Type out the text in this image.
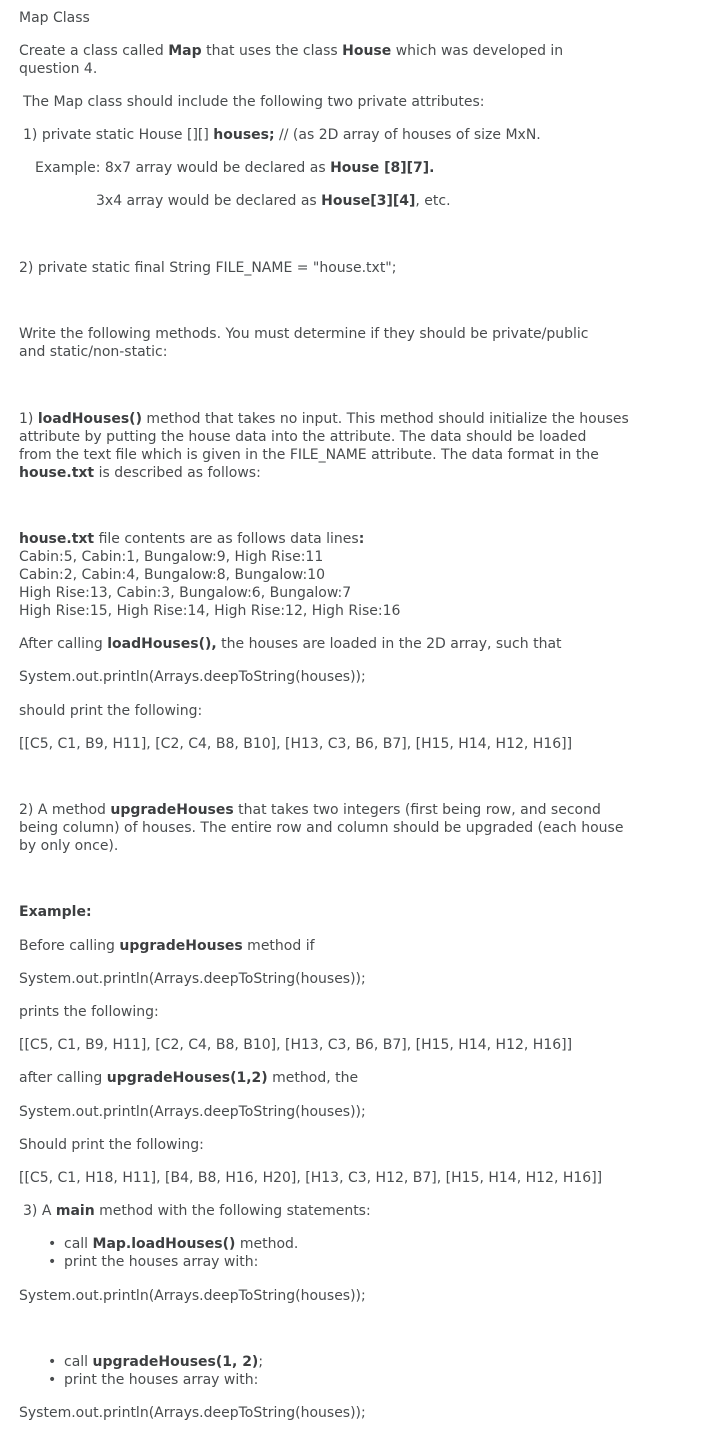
Map Class

Create a class called Map that uses the class House which was developed in

question 4.

The Map class should include the following two private attributes:

1) private static House [][] houses; // (as 2D array of houses of size MxN.

Example: 8x7 array would be declared as House [8][7].

3x4 array would be declared as House[3][4], etc.

2) private static final String FILE_NAME = "house.txt";

Write the following methods. You must determine if they should be private/public

and static/non-static:

1) loadHouses() method that takes no input. This method should initialize the houses

attribute by putting the house data into the attribute. The data should be loaded

from the text file which is given in the FILE_NAME attribute. The data format in the

house.txt is described as follows:

house.txt file contents are as follows data lines:

Cabin:5, Cabin:1, Bungalow:9, High Rise:11

Cabin:2, Cabin:4, Bungalow:8, Bungalow:10

High Rise:13, Cabin:3, Bungalow:6, Bungalow:7

High Rise:15, High Rise:14, High Rise:12, High Rise:16

After calling loadHouses(), the houses are loaded in the 2D array, such that

System.out.println(Arrays.deepToString(houses));

should print the following:

[[C5, C1, B9, H11], [C2, C4, B8, B10], [H13, C3, B6, B7], [H15, H14, H12, H16]]

2) A method upgradeHouses that takes two integers (first being row, and second

being column) of houses. The entire row and column should be upgraded (each house

by only once).

Example:

Before calling upgradeHouses method if

System.out.println(Arrays.deepToString(houses));

prints the following:

[[C5, C1, B9, H11], [C2, C4, B8, B10], [H13, C3, B6, B7], [H15, H14, H12, H16]]

after calling upgradeHouses(1,2) method, the

System.out.println(Arrays.deepToString(houses));

Should print the following:

[[C5, C1, H18, H11], [B4, B8, H16, H20], [H13, C3, H12, B7], [H15, H14, H12, H16]]

3) A main method with the following statements:

• call Map.loadHouses() method.
• print the houses array with:

System.out.println(Arrays.deepToString(houses));

• call upgradeHouses(1, 2);
• print the houses array with:

System.out.println(Arrays.deepToString(houses));
